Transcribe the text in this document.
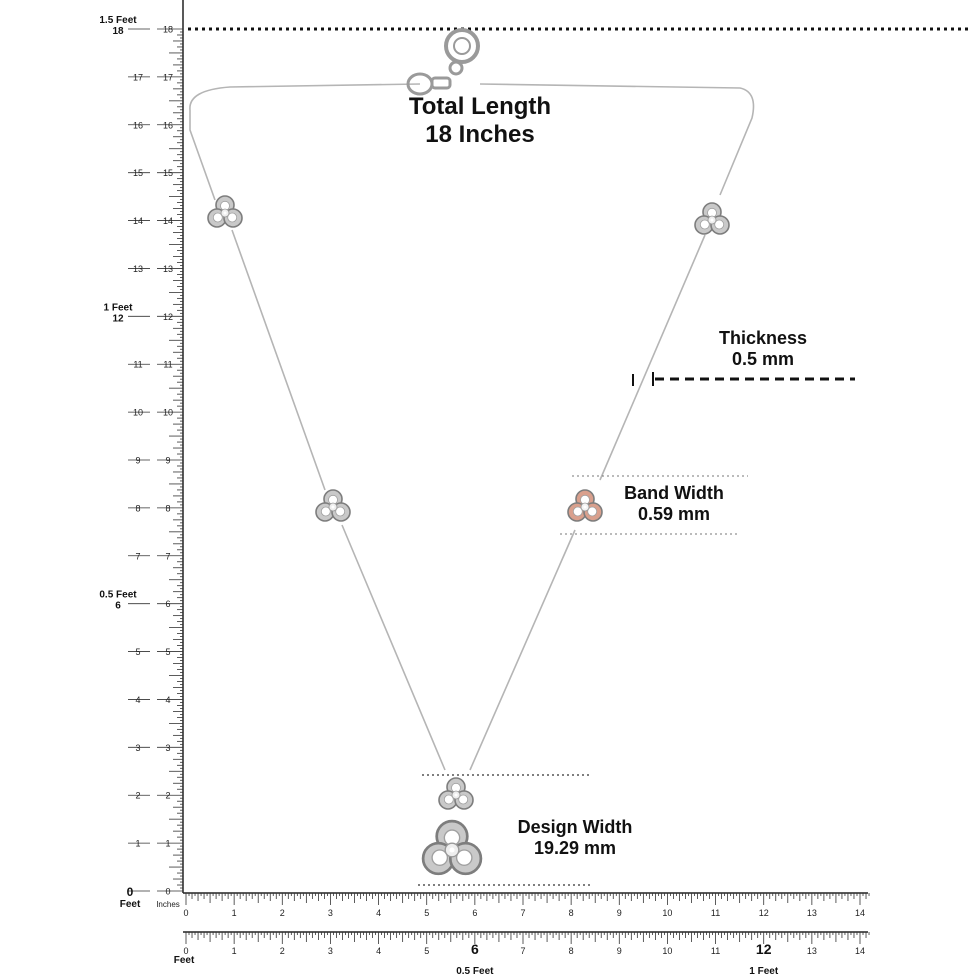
0
1
1
2
2
3
3
4
4
5
5
6
7
7
8
8
9
9
10
10
11
11
12
13
13
14
14
15
15
16
16
17
17
18
0
0.5 Feet
6
1 Feet
12
1.5 Feet
18
Feet Inches
0	1	2	3	4	5	6	7	8	9	10	11	12	13	14
0	1	2	3	4	5	6	7	8	9	10	11	12	13	14
Feet
0.5 Feet	1 Feet
Total Length
18 Inches
Thickness
0.5 mm
Band Width
0.59 mm
Design Width
19.29 mm
